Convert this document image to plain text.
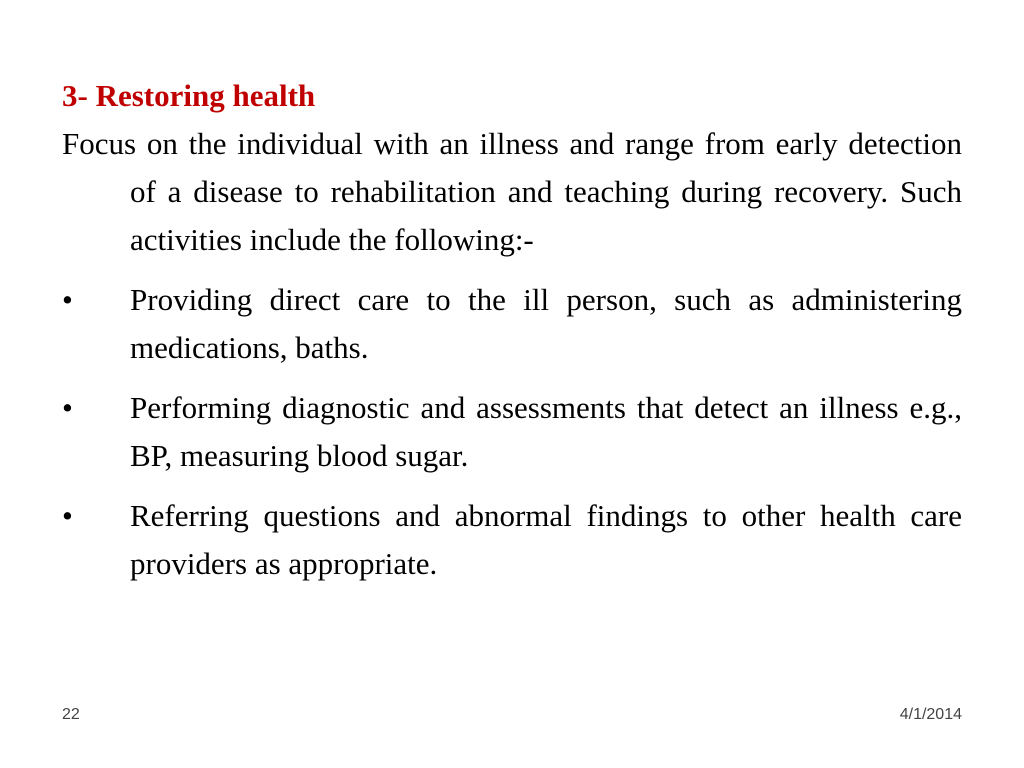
3- Restoring health

Focus on the individual with an illness and range from early detection of a disease to rehabilitation and teaching during recovery. Such activities include the following:-

• Providing direct care to the ill person, such as administering medications, baths.
• Performing diagnostic and assessments that detect an illness e.g., BP, measuring blood sugar.
• Referring questions and abnormal findings to other health care providers as appropriate.
22	4/1/2014
